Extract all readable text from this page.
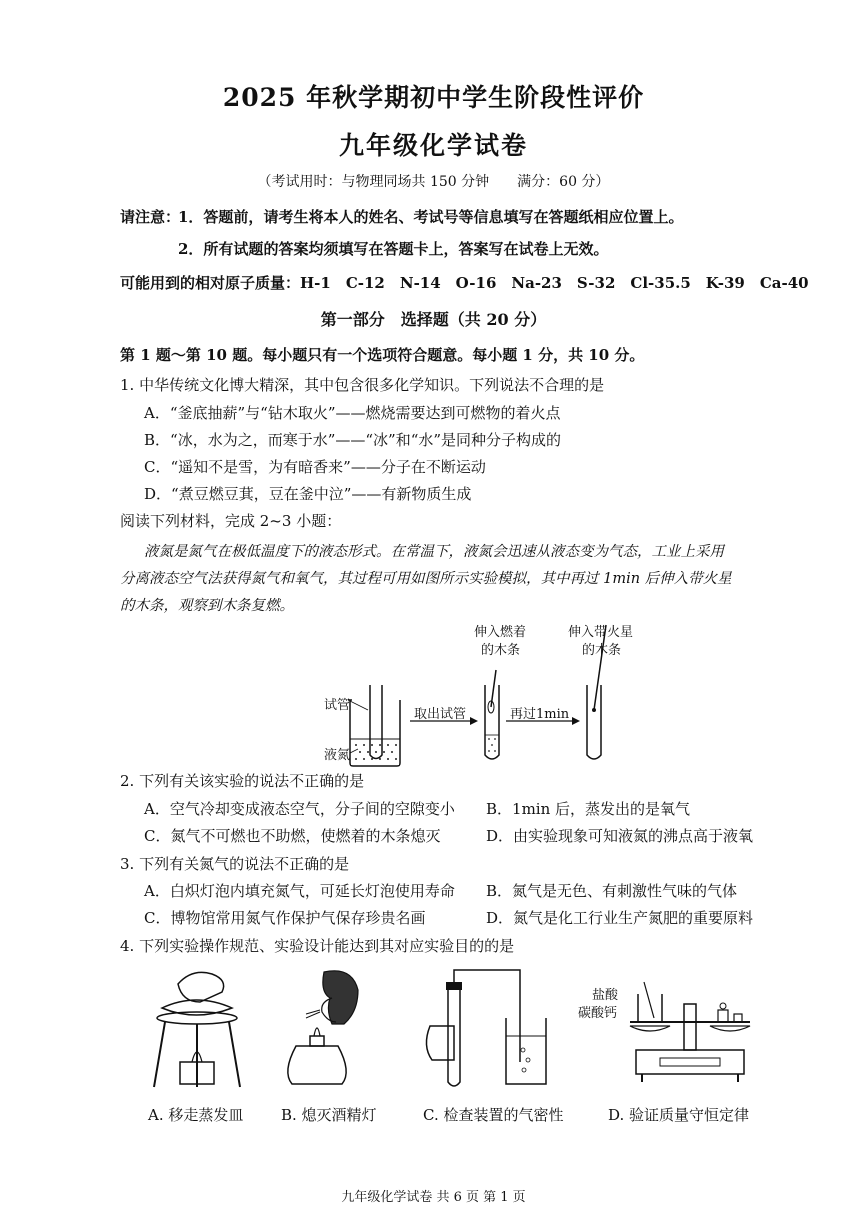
2025 年秋学期初中学生阶段性评价
九年级化学试卷
（考试用时：与物理同场共 150 分钟　　满分：60 分）
请注意：
1．答题前，请考生将本人的姓名、考试号等信息填写在答题纸相应位置上。
2．所有试题的答案均须填写在答题卡上，答案写在试卷上无效。
可能用到的相对原子质量：H-1　C-12　N-14　O-16　Na-23　S-32　Cl-35.5　K-39　Ca-40
第一部分　选择题（共 20 分）
第 1 题～第 10 题。每小题只有一个选项符合题意。每小题 1 分，共 10 分。
1. 中华传统文化博大精深，其中包含很多化学知识。下列说法不合理的是
A．“釜底抽薪”与“钻木取火”——燃烧需要达到可燃物的着火点
B．“冰，水为之，而寒于水”——“冰”和“水”是同种分子构成的
C．“遥知不是雪，为有暗香来”——分子在不断运动
D．“煮豆燃豆萁，豆在釜中泣”——有新物质生成
阅读下列材料，完成 2~3 小题：
液氮是氮气在极低温度下的液态形式。在常温下，液氮会迅速从液态变为气态，工业上采用
分离液态空气法获得氮气和氧气，其过程可用如图所示实验模拟，其中再过 1min 后伸入带火星
的木条，观察到木条复燃。
试管
液氮
取出试管	再过1min
伸入燃着
的木条
伸入带火星
的木条
2. 下列有关该实验的说法不正确的是
A．空气冷却变成液态空气，分子间的空隙变小 B．1min 后，蒸发出的是氧气
C．氮气不可燃也不助燃，使燃着的木条熄灭	D．由实验现象可知液氮的沸点高于液氧
3. 下列有关氮气的说法不正确的是
A．白炽灯泡内填充氮气，可延长灯泡使用寿命 B．氮气是无色、有刺激性气味的气体
C．博物馆常用氮气作保护气保存珍贵名画	D．氮气是化工行业生产氮肥的重要原料
4. 下列实验操作规范、实验设计能达到其对应实验目的的是
盐酸
碳酸钙
A. 移走蒸发皿	B. 熄灭酒精灯	C. 检查装置的气密性	D. 验证质量守恒定律
九年级化学试卷 共 6 页 第 1 页
